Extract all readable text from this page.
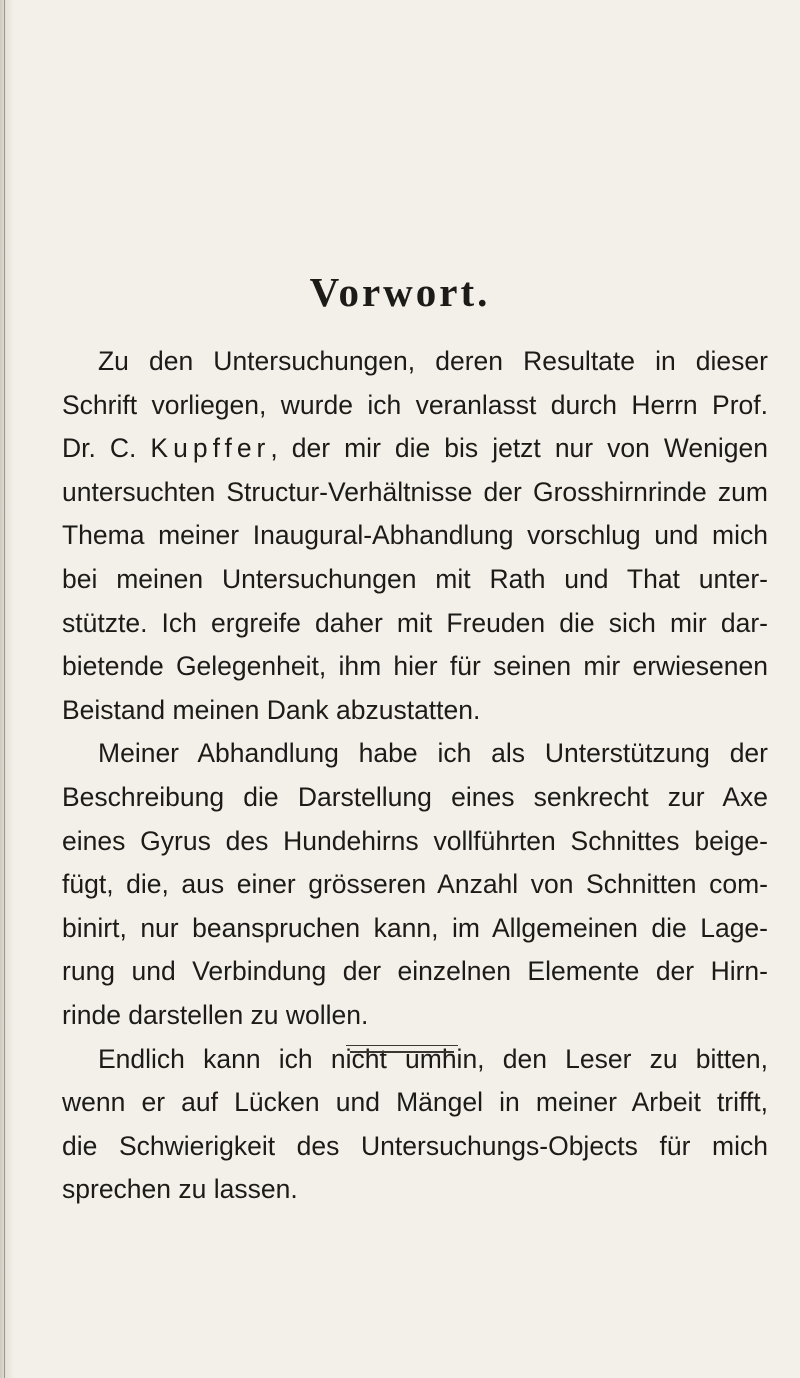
Vorwort.

Zu den Untersuchungen, deren Resultate in dieser
Schrift vorliegen, wurde ich veranlasst durch Herrn Prof.
Dr. C. Kupffer, der mir die bis jetzt nur von Wenigen
untersuchten Structur-Verhältnisse der Grosshirnrinde zum
Thema meiner Inaugural-Abhandlung vorschlug und mich
bei meinen Untersuchungen mit Rath und That unter-
stützte. Ich ergreife daher mit Freuden die sich mir dar-
bietende Gelegenheit, ihm hier für seinen mir erwiesenen
Beistand meinen Dank abzustatten.

Meiner Abhandlung habe ich als Unterstützung der
Beschreibung die Darstellung eines senkrecht zur Axe
eines Gyrus des Hundehirns vollführten Schnittes beige-
fügt, die, aus einer grösseren Anzahl von Schnitten com-
binirt, nur beanspruchen kann, im Allgemeinen die Lage-
rung und Verbindung der einzelnen Elemente der Hirn-
rinde darstellen zu wollen.

Endlich kann ich nicht umhin, den Leser zu bitten,
wenn er auf Lücken und Mängel in meiner Arbeit trifft,
die Schwierigkeit des Untersuchungs-Objects für mich
sprechen zu lassen.
